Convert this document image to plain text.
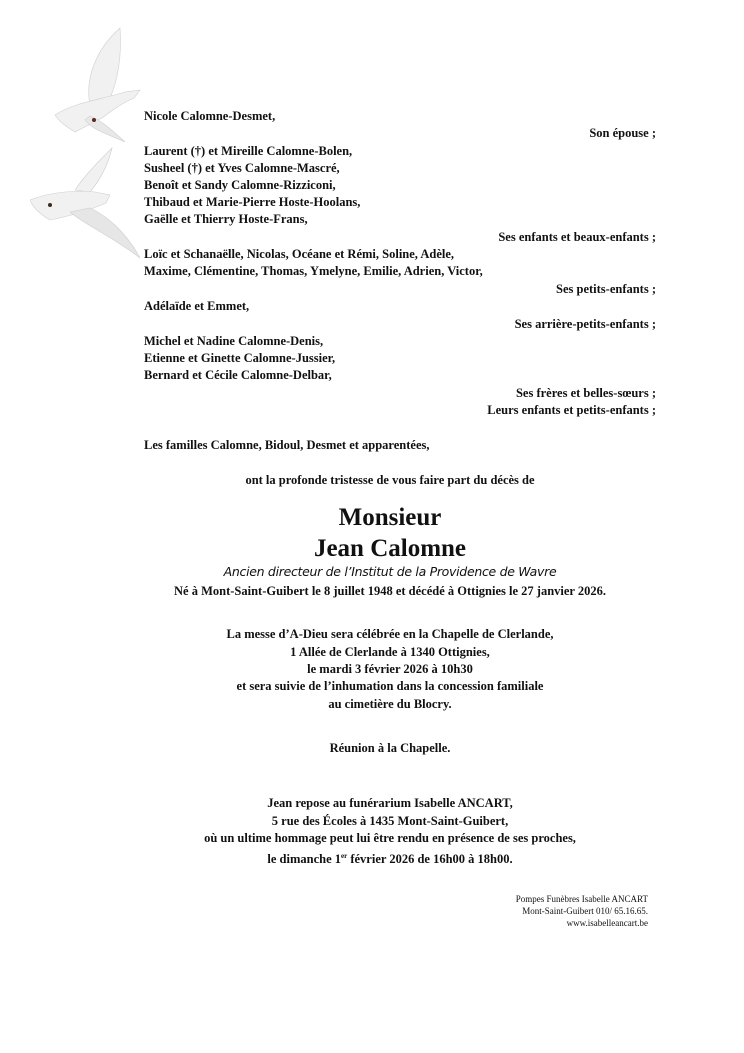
Nicole Calomne-Desmet,
Son épouse ;
Laurent (†) et Mireille Calomne-Bolen,
Susheel (†) et Yves Calomne-Mascré,
Benoît et Sandy Calomne-Rizziconi,
Thibaud et Marie-Pierre Hoste-Hoolans,
Gaëlle et Thierry Hoste-Frans,
Ses enfants et beaux-enfants ;
Loïc et Schanaëlle, Nicolas, Océane et Rémi, Soline, Adèle,
Maxime, Clémentine, Thomas, Ymelyne, Emilie, Adrien, Victor,
Ses petits-enfants ;
Adélaïde et Emmet,
Ses arrière-petits-enfants ;
Michel et Nadine Calomne-Denis,
Etienne et Ginette Calomne-Jussier,
Bernard et Cécile Calomne-Delbar,
Ses frères et belles-sœurs ;
Leurs enfants et petits-enfants ;
Les familles Calomne, Bidoul, Desmet et apparentées,
ont la profonde tristesse de vous faire part du décès de
Monsieur
Jean Calomne
Ancien directeur de l’Institut de la Providence de Wavre
Né à Mont-Saint-Guibert le 8 juillet 1948 et décédé à Ottignies le 27 janvier 2026.
La messe d’A-Dieu sera célébrée en la Chapelle de Clerlande,
1 Allée de Clerlande à 1340 Ottignies,
le mardi 3 février 2026 à 10h30
et sera suivie de l’inhumation dans la concession familiale
au cimetière du Blocry.
Réunion à la Chapelle.
Jean repose au funérarium Isabelle ANCART,
5 rue des Écoles à 1435 Mont-Saint-Guibert,
où un ultime hommage peut lui être rendu en présence de ses proches,
le dimanche 1er février 2026 de 16h00 à 18h00.
Pompes Funèbres Isabelle ANCART
Mont-Saint-Guibert 010/ 65.16.65.
www.isabelleancart.be
